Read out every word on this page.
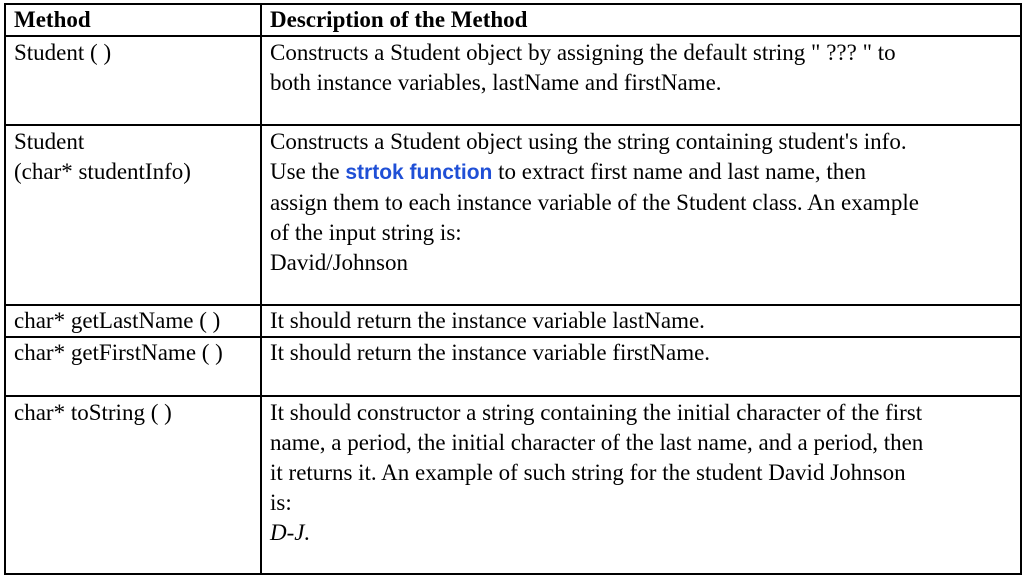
Method	Description of the Method

Student ( )	Constructs a Student object by assigning the default string " ??? " to
both instance variables, lastName and firstName.

Student
(char* studentInfo)	Constructs a Student object using the string containing student's info.
Use the strtok function to extract first name and last name, then
assign them to each instance variable of the Student class. An example
of the input string is:
David/Johnson

char* getLastName ( )	It should return the instance variable lastName.

char* getFirstName ( )	It should return the instance variable firstName.

char* toString ( )	It should constructor a string containing the initial character of the first
name, a period, the initial character of the last name, and a period, then
it returns it. An example of such string for the student David Johnson
is:
D-J.
